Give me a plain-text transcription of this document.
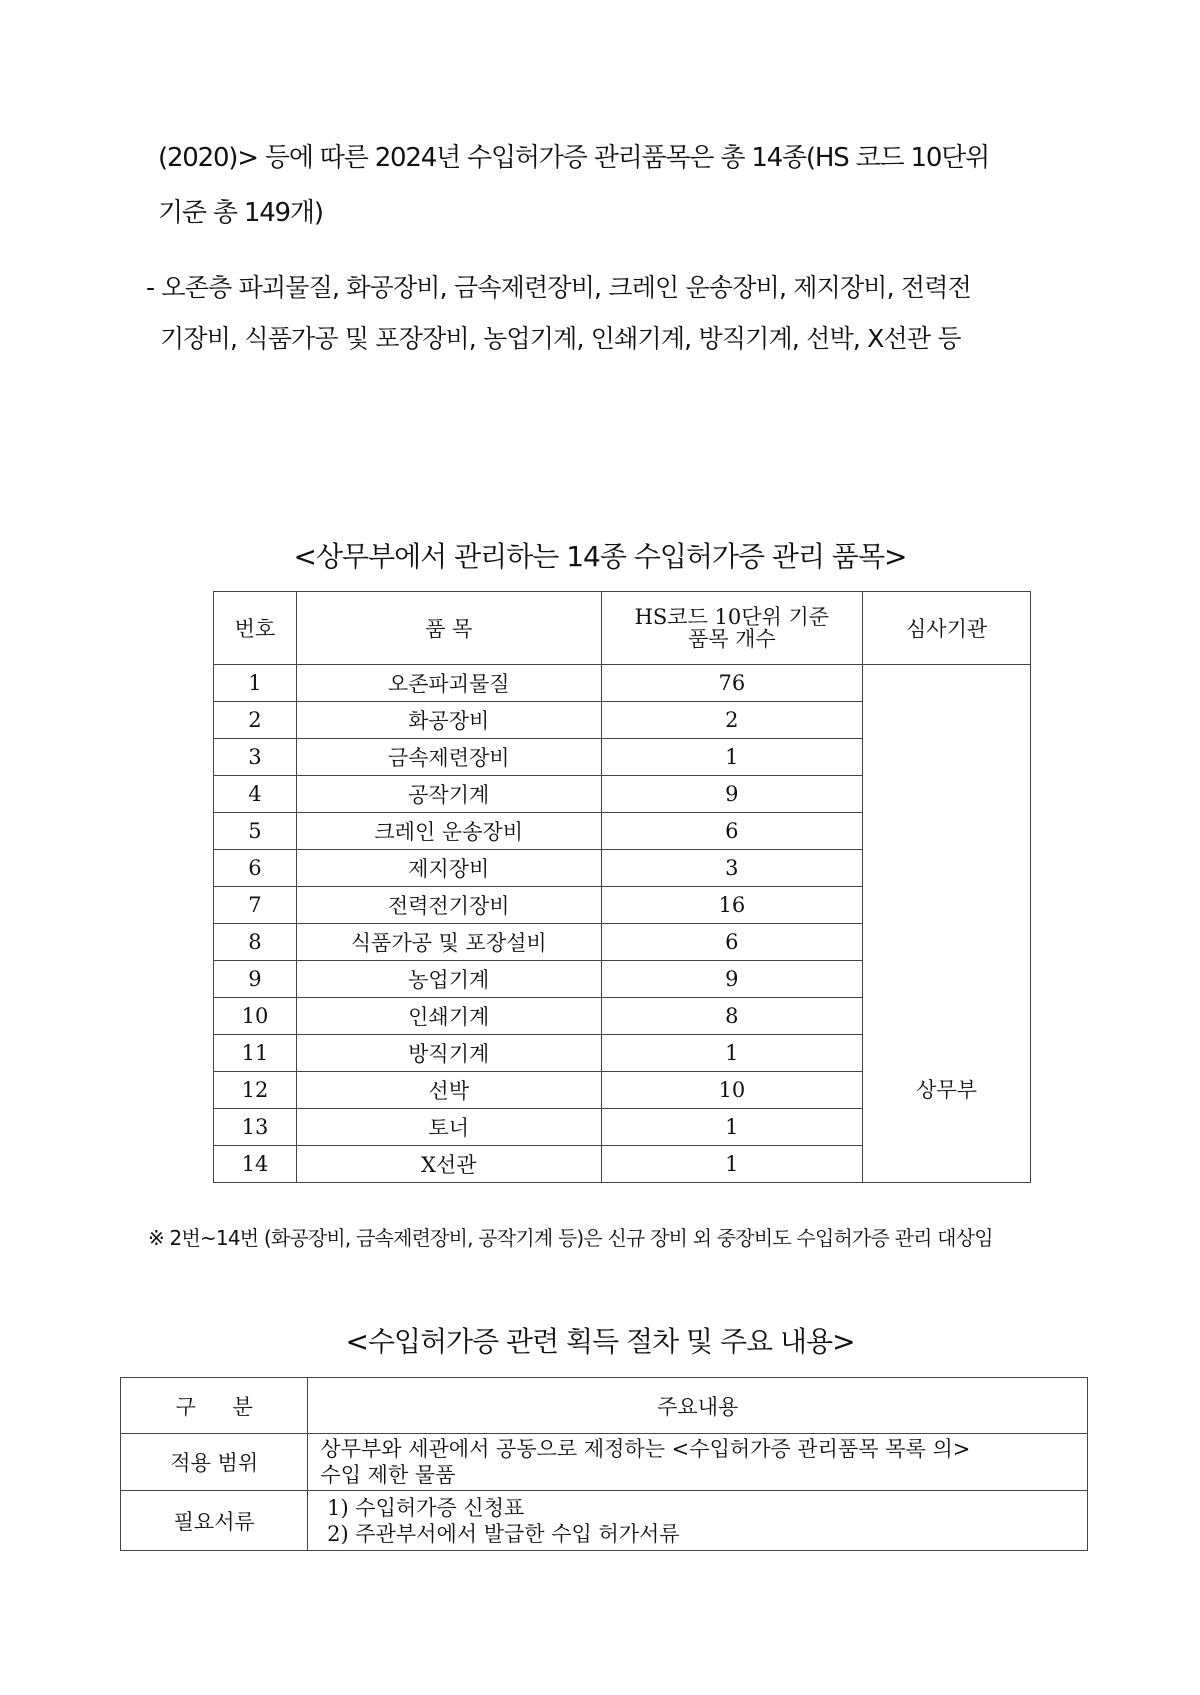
(2020)> 등에 따른 2024년 수입허가증 관리품목은 총 14종(HS 코드 10단위
기준 총 149개)
- 오존층 파괴물질, 화공장비, 금속제련장비, 크레인 운송장비, 제지장비, 전력전
기장비, 식품가공 및 포장장비, 농업기계, 인쇄기계, 방직기계, 선박, X선관 등
<상무부에서 관리하는 14종 수입허가증 관리 품목>
번호	품 목	HS코드 10단위 기준
품목 개수	심사기관
1	오존파괴물질	76	상무부
2	화공장비	2	
3	금속제련장비	1	
4	공작기계	9	
5	크레인 운송장비	6	
6	제지장비	3	
7	전력전기장비	16	
8	식품가공 및 포장설비	6	
9	농업기계	9	
10	인쇄기계	8	
11	방직기계	1	
12	선박	10	
13	토너	1	
14	X선관	1	
※ 2번~14번 (화공장비, 금속제련장비, 공작기계 등)은 신규 장비 외 중장비도 수입허가증 관리 대상임
<수입허가증 관련 획득 절차 및 주요 내용>
구 분	주요내용
적용 범위	상무부와 세관에서 공동으로 제정하는 <수입허가증 관리품목 목록 의>
수입 제한 물품

필요서류	1) 수입허가증 신청표
2) 주관부서에서 발급한 수입 허가서류
